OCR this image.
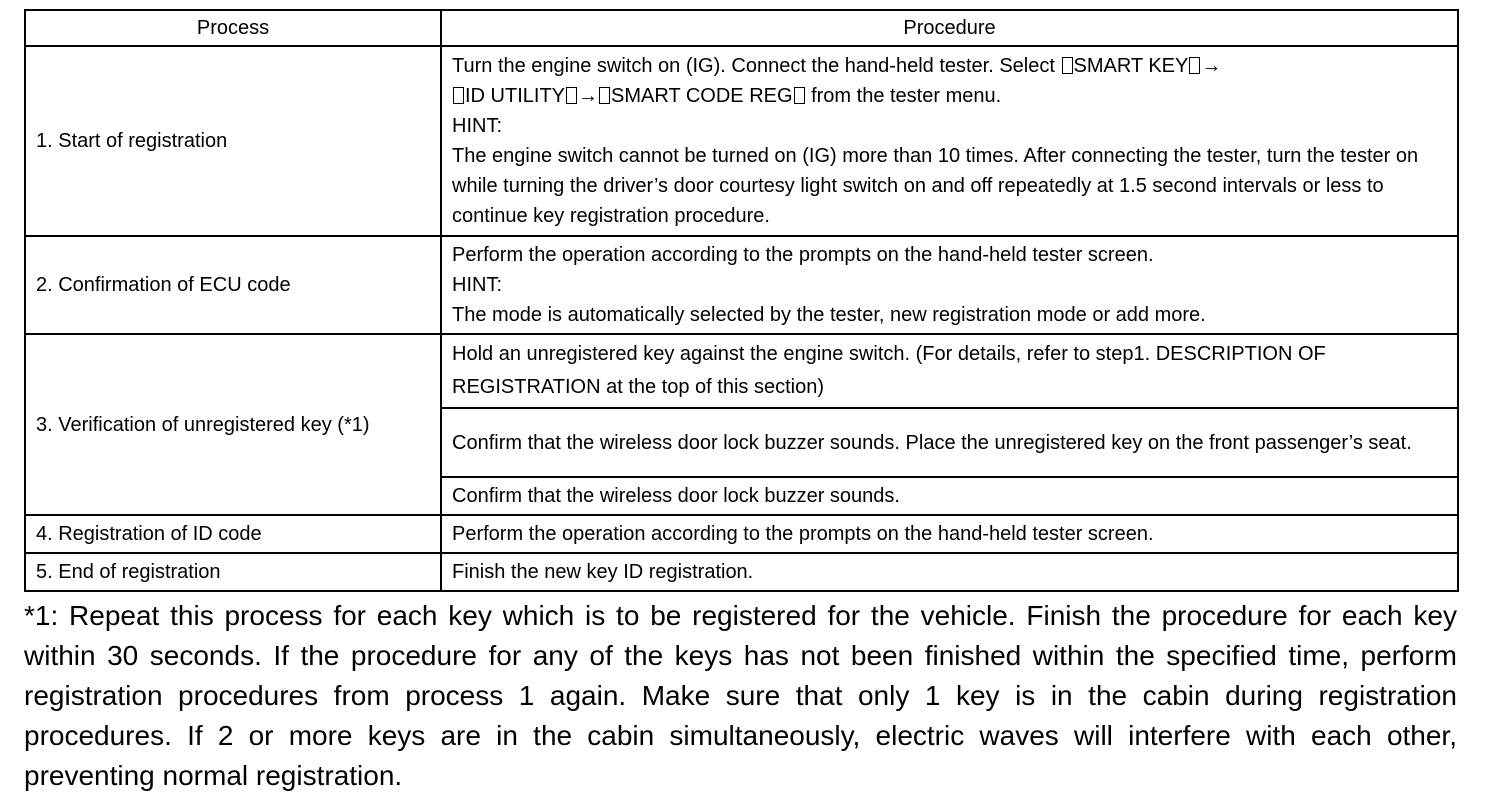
Process	Procedure
1. Start of registration	Turn the engine switch on (IG). Connect the hand-held tester. Select SMART KEY →
ID UTILITY → SMART CODE REG from the tester menu.
HINT:
The engine switch cannot be turned on (IG) more than 10 times. After connecting the tester, turn the tester on while turning the driver’s door courtesy light switch on and off repeatedly at 1.5 second intervals or less to continue key registration procedure.

2. Confirmation of ECU code	Perform the operation according to the prompts on the hand-held tester screen.
HINT:
The mode is automatically selected by the tester, new registration mode or add more.

3. Verification of unregistered key (*1)	Hold an unregistered key against the engine switch. (For details, refer to step1. DESCRIPTION OF REGISTRATION at the top of this section)
	Confirm that the wireless door lock buzzer sounds. Place the unregistered key on the front passenger’s seat.
	Confirm that the wireless door lock buzzer sounds.
4. Registration of ID code	Perform the operation according to the prompts on the hand-held tester screen.
5. End of registration	Finish the new key ID registration.
*1: Repeat this process for each key which is to be registered for the vehicle. Finish the procedure for each key within 30 seconds. If the procedure for any of the keys has not been finished within the specified time, perform registration procedures from process 1 again. Make sure that only 1 key is in the cabin during registration procedures. If 2 or more keys are in the cabin simultaneously, electric waves will interfere with each other, preventing normal registration.
